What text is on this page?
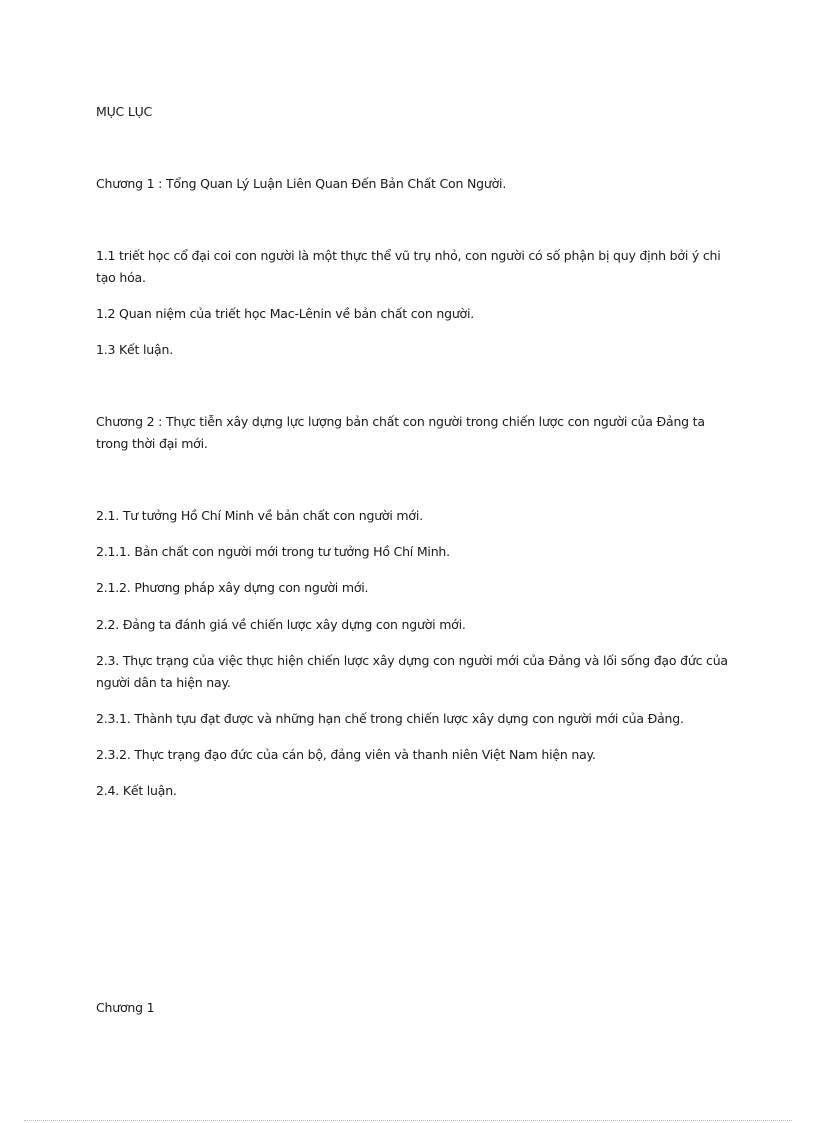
MỤC LỤC
Chương 1 : Tổng Quan Lý Luận Liên Quan Đến Bản Chất Con Người.
1.1 triết học cổ đại coi con người là một thực thể vũ trụ nhỏ, con người có số phận bị quy định bởi ý chi tạo hóa.
1.2 Quan niệm của triết học Mac-Lênin về bản chất con người.
1.3 Kết luận.
Chương 2 : Thực tiễn xây dựng lực lượng bản chất con người trong chiến lược con người của Đảng ta trong thời đại mới.
2.1. Tư tưởng Hồ Chí Minh về bản chất con người mới.
2.1.1. Bản chất con người mới trong tư tưởng Hồ Chí Minh.
2.1.2. Phương pháp xây dựng con người mới.
2.2. Đảng ta đánh giá về chiến lược xây dựng con người mới.
2.3. Thực trạng của việc thực hiện chiến lược xây dựng con người mới của Đảng và lối sống đạo đức của người dân ta hiện nay.
2.3.1. Thành tựu đạt được và những hạn chế trong chiến lược xây dựng con người mới của Đảng.
2.3.2. Thực trạng đạo đức của cán bộ, đảng viên và thanh niên Việt Nam hiện nay.
2.4. Kết luận.
Chương 1
